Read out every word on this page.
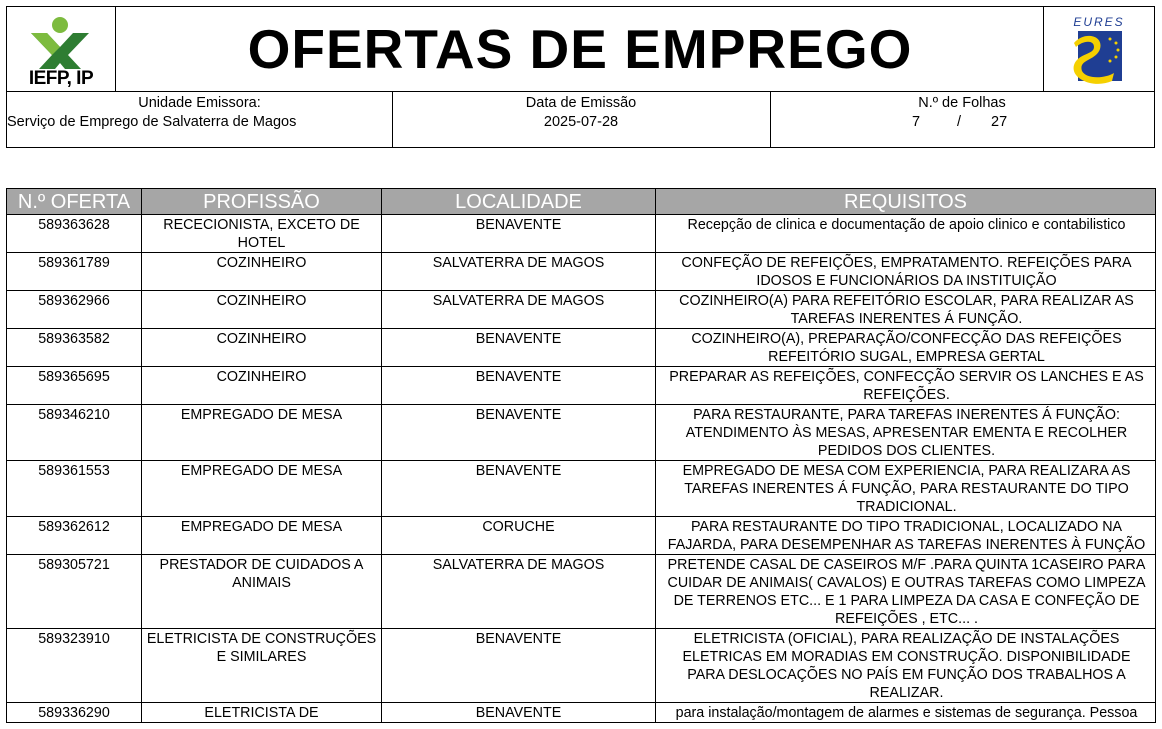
IEFP, IP	OFERTAS DE EMPREGO	EURES
Unidade Emissora:
Serviço de Emprego de Salvaterra de Magos
Data de Emissão
2025-07-28
N.º de Folhas
7	/ 27
N.º OFERTA	PROFISSÃO	LOCALIDADE	REQUISITOS
589363628	RECECIONISTA, EXCETO DE HOTEL	BENAVENTE	Recepção de clinica e documentação de apoio clinico e contabilistico
589361789	COZINHEIRO	SALVATERRA DE MAGOS	CONFEÇÃO DE REFEIÇÕES, EMPRATAMENTO. REFEIÇÕES PARA IDOSOS E FUNCIONÁRIOS DA INSTITUIÇÃO
589362966	COZINHEIRO	SALVATERRA DE MAGOS	COZINHEIRO(A) PARA REFEITÓRIO ESCOLAR, PARA REALIZAR AS TAREFAS INERENTES Á FUNÇÃO.
589363582	COZINHEIRO	BENAVENTE	COZINHEIRO(A), PREPARAÇÃO/CONFECÇÃO DAS REFEIÇÕES REFEITÓRIO SUGAL, EMPRESA GERTAL
589365695	COZINHEIRO	BENAVENTE	PREPARAR AS REFEIÇÕES, CONFECÇÃO SERVIR OS LANCHES E AS REFEIÇÕES.
589346210	EMPREGADO DE MESA	BENAVENTE	PARA RESTAURANTE, PARA TAREFAS INERENTES Á FUNÇÃO: ATENDIMENTO ÀS MESAS, APRESENTAR EMENTA E RECOLHER PEDIDOS DOS CLIENTES.
589361553	EMPREGADO DE MESA	BENAVENTE	EMPREGADO DE MESA COM EXPERIENCIA, PARA REALIZARA AS TAREFAS INERENTES Á FUNÇÃO, PARA RESTAURANTE DO TIPO TRADICIONAL.
589362612	EMPREGADO DE MESA	CORUCHE	PARA RESTAURANTE DO TIPO TRADICIONAL, LOCALIZADO NA FAJARDA, PARA DESEMPENHAR AS TAREFAS INERENTES À FUNÇÃO
589305721	PRESTADOR DE CUIDADOS A ANIMAIS	SALVATERRA DE MAGOS	PRETENDE CASAL DE CASEIROS M/F .PARA QUINTA 1CASEIRO PARA CUIDAR DE ANIMAIS( CAVALOS) E OUTRAS TAREFAS COMO LIMPEZA DE TERRENOS ETC... E 1 PARA LIMPEZA DA CASA E CONFEÇÃO DE REFEIÇÕES , ETC... .
589323910	ELETRICISTA DE CONSTRUÇÕES E SIMILARES	BENAVENTE	ELETRICISTA (OFICIAL), PARA REALIZAÇÃO DE INSTALAÇÕES ELETRICAS EM MORADIAS EM CONSTRUÇÃO. DISPONIBILIDADE PARA DESLOCAÇÕES NO PAÍS EM FUNÇÃO DOS TRABALHOS A REALIZAR.
589336290	ELETRICISTA DE	BENAVENTE	para instalação/montagem de alarmes e sistemas de segurança. Pessoa
